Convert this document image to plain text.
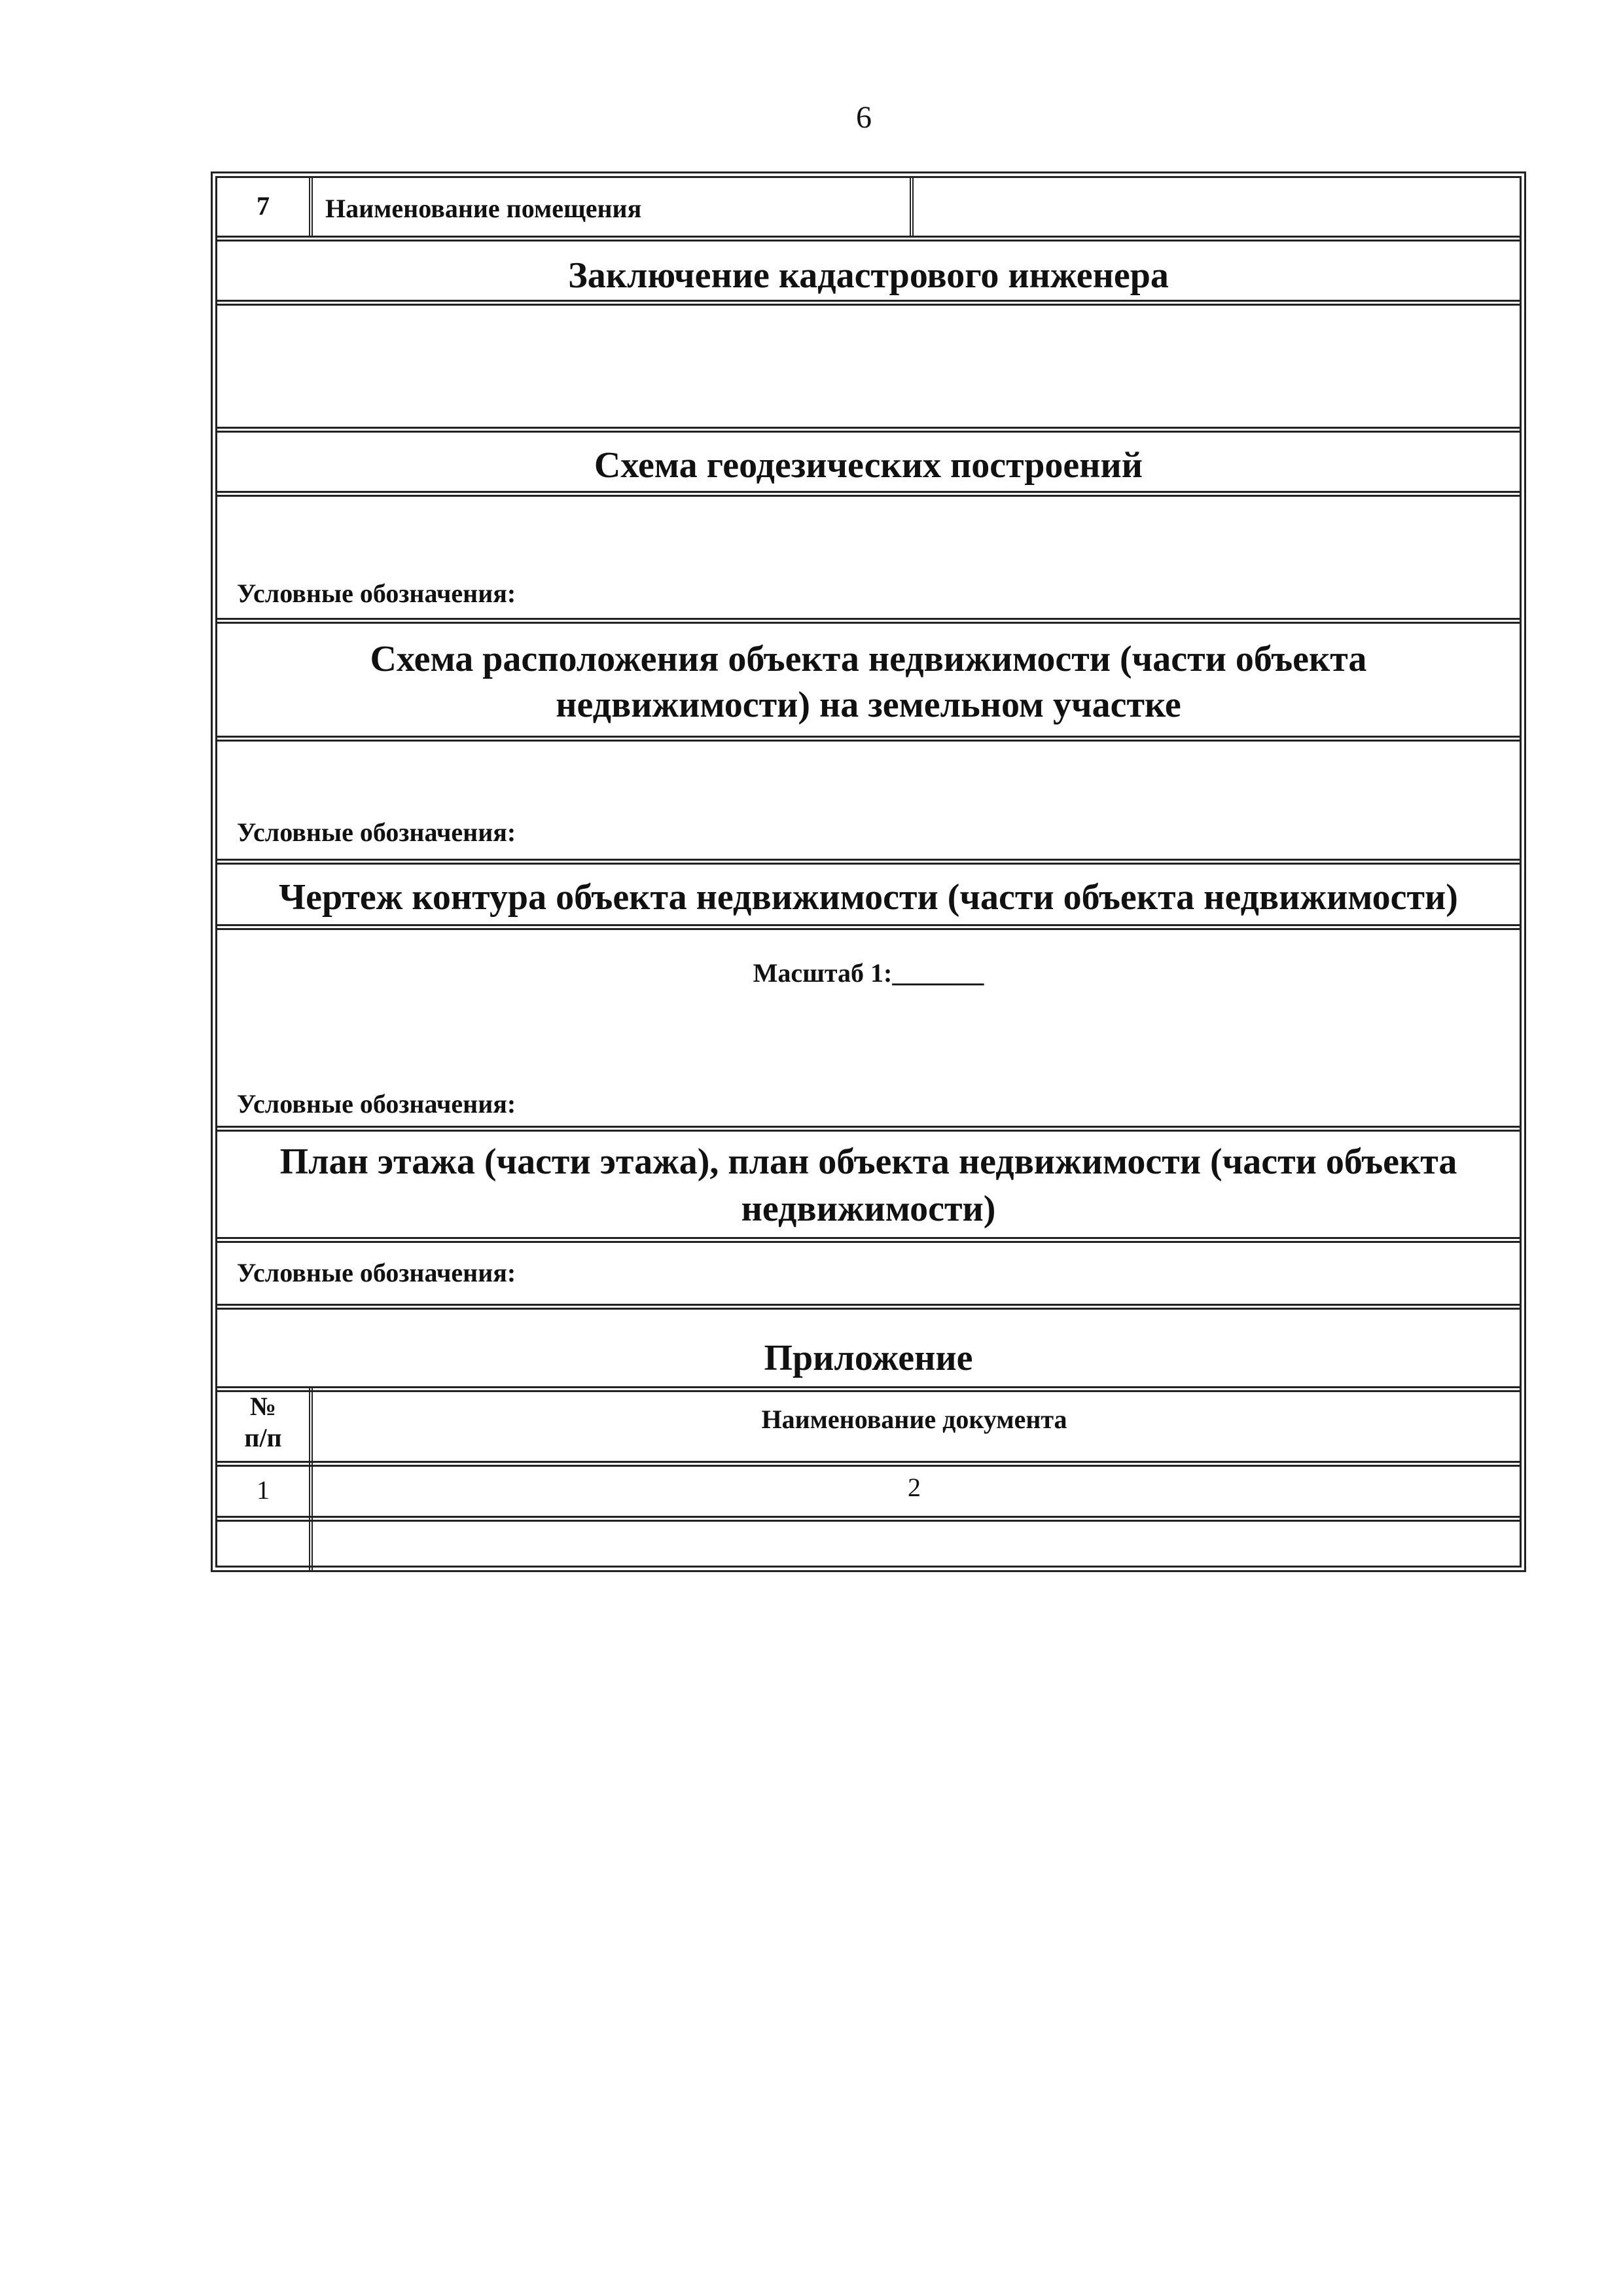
6
7	Наименование помещения
Заключение кадастрового инженера
Схема геодезических построений
Условные обозначения:
Схема расположения объекта недвижимости (части объекта
недвижимости) на земельном участке
Условные обозначения:
Чертеж контура объекта недвижимости (части объекта недвижимости)
Масштаб 1:_______
Условные обозначения:
План этажа (части этажа), план объекта недвижимости (части объекта
недвижимости)
Условные обозначения:
Приложение
№
п/п
Наименование документа
1	2
